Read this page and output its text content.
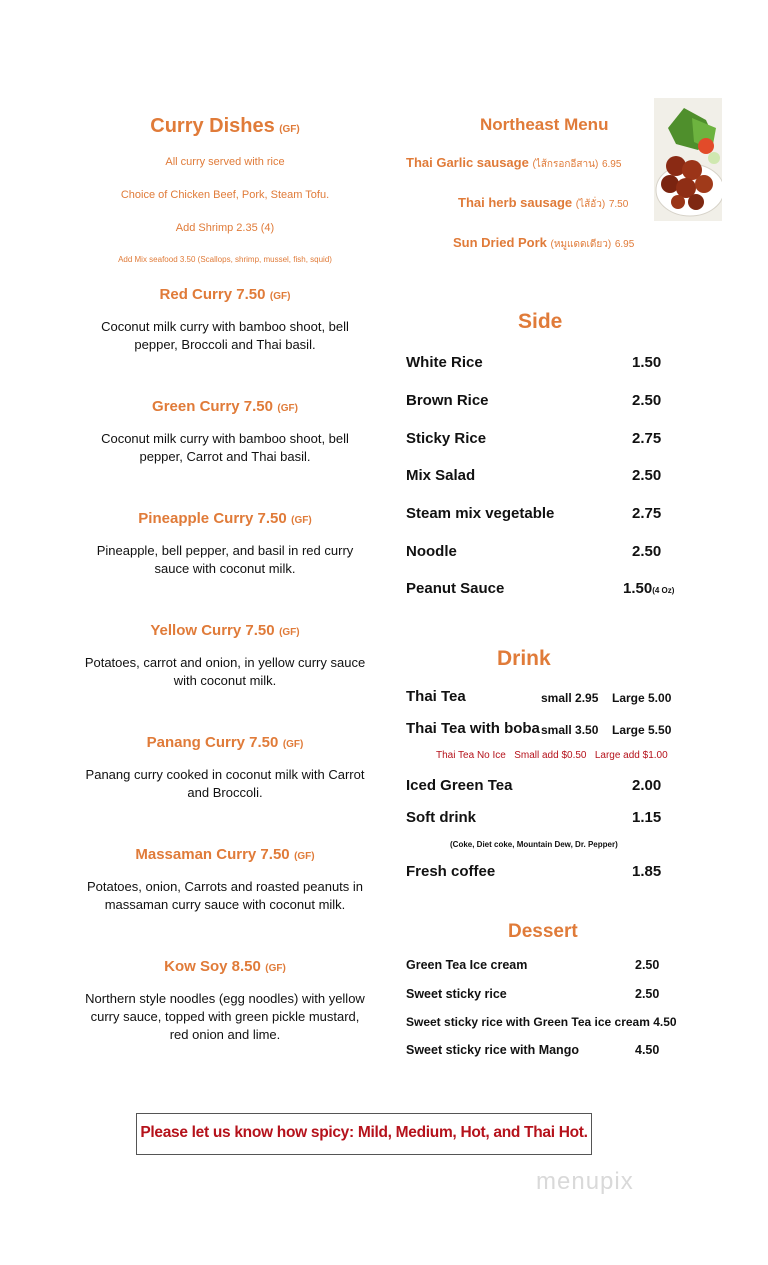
Curry Dishes (GF)
All curry served with rice
Choice of Chicken Beef, Pork, Steam Tofu.
Add Shrimp 2.35 (4)
Add Mix seafood 3.50 (Scallops, shrimp, mussel, fish, squid)
Red Curry 7.50 (GF)
Coconut milk curry with bamboo shoot, bell
pepper, Broccoli and Thai basil.
Green Curry 7.50 (GF)
Coconut milk curry with bamboo shoot, bell
pepper, Carrot and Thai basil.
Pineapple Curry 7.50 (GF)
Pineapple, bell pepper, and basil in red curry
sauce with coconut milk.
Yellow Curry 7.50 (GF)
Potatoes, carrot and onion, in yellow curry sauce
with coconut milk.
Panang Curry 7.50 (GF)
Panang curry cooked in coconut milk with Carrot
and Broccoli.
Massaman Curry 7.50 (GF)
Potatoes, onion, Carrots and roasted peanuts in
massaman curry sauce with coconut milk.
Kow Soy 8.50 (GF)
Northern style noodles (egg noodles) with yellow
curry sauce, topped with green pickle mustard,
red onion and lime.
Northeast Menu
Thai Garlic sausage (ไส้กรอกอีสาน) 6.95
Thai herb sausage (ไส้อั่ว) 7.50
Sun Dried Pork (หมูแดดเดียว) 6.95
Side
White Rice	1.50
Brown Rice	2.50
Sticky Rice	2.75
Mix Salad	2.50
Steam mix vegetable	2.75
Noodle	2.50
Peanut Sauce	1.50(4 Oz)
Drink
Thai Tea	small 2.95 Large 5.00
Thai Tea with boba small 3.50 Large 5.50
Thai Tea No Ice Small add $0.50 Large add $1.00
Iced Green Tea	2.00
Soft drink	1.15
(Coke, Diet coke, Mountain Dew, Dr. Pepper)
Fresh coffee	1.85
Dessert
Green Tea Ice cream	2.50
Sweet sticky rice	2.50
Sweet sticky rice with Green Tea ice cream 4.50
Sweet sticky rice with Mango	4.50
Please let us know how spicy: Mild, Medium, Hot, and Thai Hot.
menupix
